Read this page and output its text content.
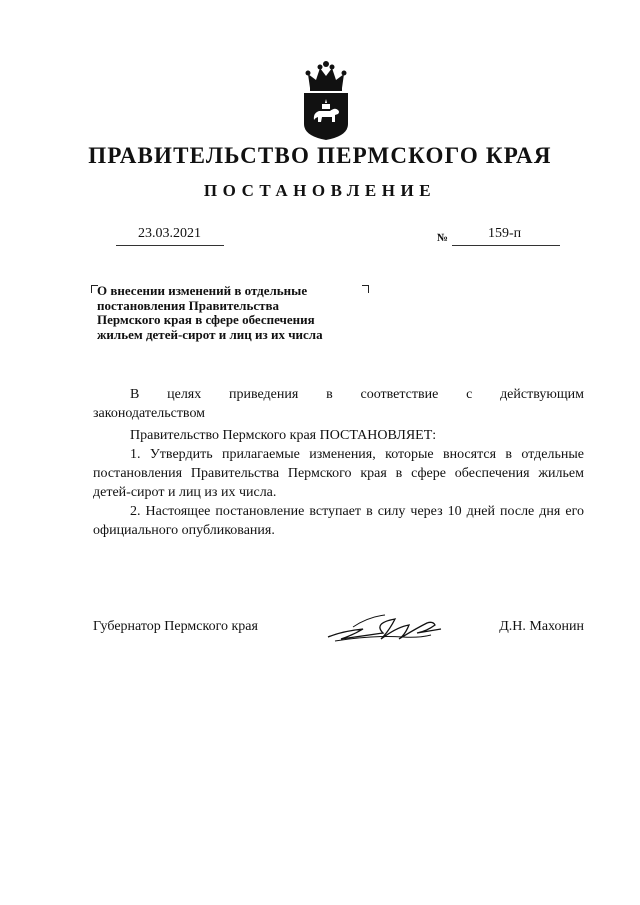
ПРАВИТЕЛЬСТВО ПЕРМСКОГО КРАЯ
ПОСТАНОВЛЕНИЕ
23.03.2021	№	159-п
О внесении изменений в отдельные
постановления Правительства
Пермского края в сфере обеспечения
жильем детей-сирот и лиц из их числа
В целях приведения в соответствие с действующим

законодательством

Правительство Пермского края ПОСТАНОВЛЯЕТ:

1. Утвердить прилагаемые изменения, которые вносятся в отдельные постановления Правительства Пермского края в сфере обеспечения жильем детей-сирот и лиц из их числа.

2. Настоящее постановление вступает в силу через 10 дней после дня его официального опубликования.

Губернатор Пермского края	Д.Н. Махонин
